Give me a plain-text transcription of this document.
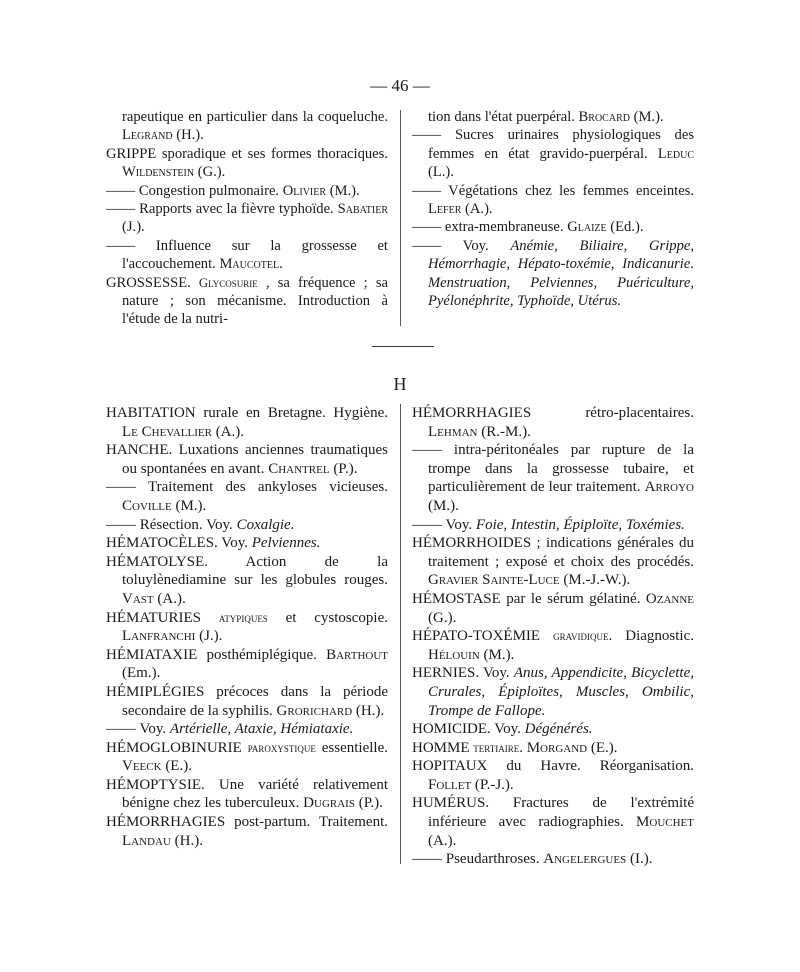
— 46 —

rapeutique en particulier dans la coqueluche. Legrand (H.).

GRIPPE sporadique et ses formes thoraciques. Wildenstein (G.).

—— Congestion pulmonaire. Olivier (M.).

—— Rapports avec la fièvre typhoïde. Sabatier (J.).

—— Influence sur la grossesse et l'accouchement. Maucotel.

GROSSESSE. Glycosurie , sa fréquence ; sa nature ; son mécanisme. Introduction à l'étude de la nutri-

tion dans l'état puerpéral. Brocard (M.).

—— Sucres urinaires physiologiques des femmes en état gravido-puerpéral. Leduc (L.).

—— Végétations chez les femmes enceintes. Lefer (A.).

—— extra-membraneuse. Glaize (Ed.).

—— Voy. Anémie, Biliaire, Grippe, Hémorrhagie, Hépato-toxémie, Indicanurie. Menstruation, Pelviennes, Puériculture, Pyélonéphrite, Typhoïde, Utérus.

H

HABITATION rurale en Bretagne. Hygiène. Le Chevallier (A.).

HANCHE. Luxations anciennes traumatiques ou spontanées en avant. Chantrel (P.).

—— Traitement des ankyloses vicieuses. Coville (M.).

—— Résection. Voy. Coxalgie.

HÉMATOCÈLES. Voy. Pelviennes.

HÉMATOLYSE. Action de la toluylènediamine sur les globules rouges. Vast (A.).

HÉMATURIES atypiques et cystoscopie. Lanfranchi (J.).

HÉMIATAXIE posthémiplégique. Barthout (Em.).

HÉMIPLÉGIES précoces dans la période secondaire de la syphilis. Grorichard (H.).

—— Voy. Artérielle, Ataxie, Hémiataxie.

HÉMOGLOBINURIE paroxystique essentielle. Veeck (E.).

HÉMOPTYSIE. Une variété relativement bénigne chez les tuberculeux. Dugrais (P.).

HÉMORRHAGIES post-partum. Traitement. Landau (H.).

HÉMORRHAGIES rétro-placentaires. Lehman (R.-M.).

—— intra-péritonéales par rupture de la trompe dans la grossesse tubaire, et particulièrement de leur traitement. Arroyo (M.).

—— Voy. Foie, Intestin, Épiploïte, Toxémies.

HÉMORRHOIDES ; indications générales du traitement ; exposé et choix des procédés. Gravier Sainte-Luce (M.-J.-W.).

HÉMOSTASE par le sérum gélatiné. Ozanne (G.).

HÉPATO-TOXÉMIE gravidique. Diagnostic. Hélouin (M.).

HERNIES. Voy. Anus, Appendicite, Bicyclette, Crurales, Épiploïtes, Muscles, Ombilic, Trompe de Fallope.

HOMICIDE. Voy. Dégénérés.

HOMME tertiaire. Morgand (E.).

HOPITAUX du Havre. Réorganisation. Follet (P.-J.).

HUMÉRUS. Fractures de l'extrémité inférieure avec radiographies. Mouchet (A.).

—— Pseudarthroses. Angelergues (I.).
